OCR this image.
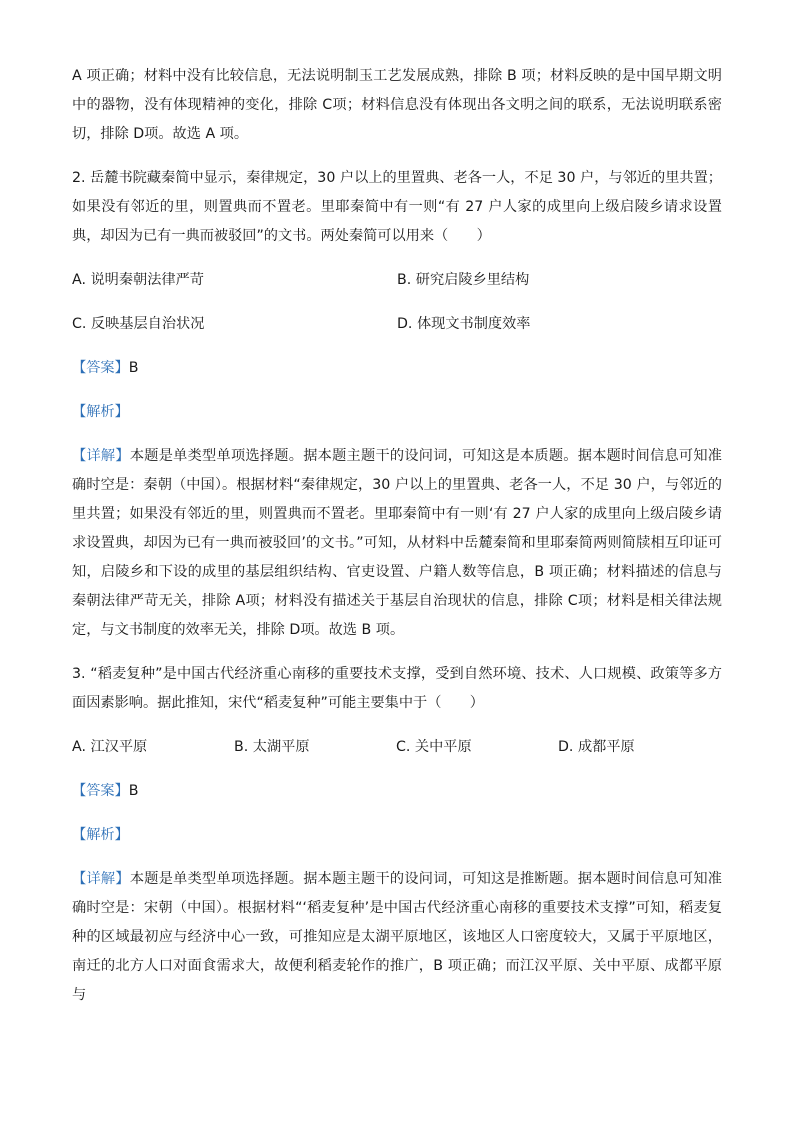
A 项正确；材料中没有比较信息，无法说明制玉工艺发展成熟，排除 B 项；材料反映的是中国早期文明中的器物，没有体现精神的变化，排除 C项；材料信息没有体现出各文明之间的联系，无法说明联系密切，排除 D项。故选 A 项。

2. 岳麓书院藏秦简中显示，秦律规定，30 户以上的里置典、老各一人，不足 30 户，与邻近的里共置；如果没有邻近的里，则置典而不置老。里耶秦简中有一则“有 27 户人家的成里向上级启陵乡请求设置典，却因为已有一典而被驳回”的文书。两处秦简可以用来（　　）

A. 说明秦朝法律严苛	B. 研究启陵乡里结构

C. 反映基层自治状况	D. 体现文书制度效率

【答案】B

【解析】

【详解】本题是单类型单项选择题。据本题主题干的设问词，可知这是本质题。据本题时间信息可知准确时空是：秦朝（中国）。根据材料“秦律规定，30 户以上的里置典、老各一人，不足 30 户，与邻近的里共置；如果没有邻近的里，则置典而不置老。里耶秦简中有一则‘有 27 户人家的成里向上级启陵乡请求设置典，却因为已有一典而被驳回’的文书。”可知，从材料中岳麓秦简和里耶秦简两则简牍相互印证可知，启陵乡和下设的成里的基层组织结构、官吏设置、户籍人数等信息，B 项正确；材料描述的信息与秦朝法律严苛无关，排除 A项；材料没有描述关于基层自治现状的信息，排除 C项；材料是相关律法规定，与文书制度的效率无关，排除 D项。故选 B 项。

3. “稻麦复种”是中国古代经济重心南移的重要技术支撑，受到自然环境、技术、人口规模、政策等多方面因素影响。据此推知，宋代“稻麦复种”可能主要集中于（　　）

A. 江汉平原	B. 太湖平原	C. 关中平原	D. 成都平原

【答案】B

【解析】

【详解】本题是单类型单项选择题。据本题主题干的设问词，可知这是推断题。据本题时间信息可知准确时空是：宋朝（中国）。根据材料“‘稻麦复种’是中国古代经济重心南移的重要技术支撑”可知，稻麦复种的区域最初应与经济中心一致，可推知应是太湖平原地区，该地区人口密度较大，又属于平原地区，南迁的北方人口对面食需求大，故便利稻麦轮作的推广，B 项正确；而江汉平原、关中平原、成都平原与
